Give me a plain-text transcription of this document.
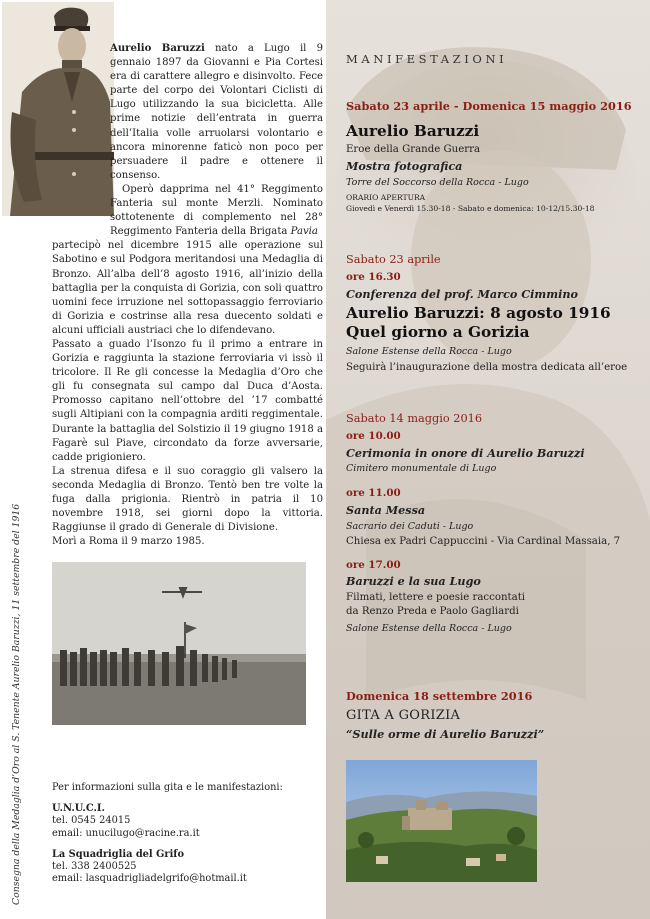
Aurelio Baruzzi nato a Lugo il 9 gennaio 1897 da Giovanni e Pia Cortesi era di carattere allegro e disinvolto. Fece parte del corpo dei Volontari Ciclisti di Lugo utilizzando la sua bicicletta. Alle prime notizie dell’entrata in guerra dell’Italia volle arruolarsi volontario e ancora minorenne faticò non poco per persuadere il padre e ottenere il consenso.

Operò dapprima nel 41° Reggimento Fanteria sul monte Merzli. Nominato sottotenente di complemento nel 28° Reggimento Fanteria della Brigata Pavia

partecipò nel dicembre 1915 alle operazione sul Sabotino e sul Podgora meritandosi una Medaglia di Bronzo. All’alba dell’8 agosto 1916, all’inizio della battaglia per la conquista di Gorizia, con soli quattro uomini fece irruzione nel sottopassaggio ferroviario di Gorizia e costrinse alla resa duecento soldati e alcuni ufficiali austriaci che lo difendevano.

Passato a guado l’Isonzo fu il primo a entrare in Gorizia e raggiunta la stazione ferroviaria vi issò il tricolore. Il Re gli concesse la Medaglia d’Oro che gli fu consegnata sul campo dal Duca d’Aosta. Promosso capitano nell’ottobre del ’17 combatté sugli Altipiani con la compagnia arditi reggimentale. Durante la battaglia del Solstizio il 19 giugno 1918 a Fagarè sul Piave, circondato da forze avversarie, cadde prigioniero.

La strenua difesa e il suo coraggio gli valsero la seconda Medaglia di Bronzo. Tentò ben tre volte la fuga dalla prigionia. Rientrò in patria il 10 novembre 1918, sei giorni dopo la vittoria. Raggiunse il grado di Generale di Divisione.

Morì a Roma il 9 marzo 1985.

Consegna della Medaglia d’Oro al S. Tenente Aurelio Baruzzi, 11 settembre del 1916	Per informazioni sulla gita e le manifestazioni:
U.N.U.C.I.
tel. 0545 24015
email: unucilugo@racine.ra.it
La Squadriglia del Grifo
tel. 338 2400525
email: lasquadrigliadelgrifo@hotmail.it
MANIFESTAZIONI
Sabato 23 aprile - Domenica 15 maggio 2016
Aurelio Baruzzi
Eroe della Grande Guerra
Mostra fotografica
Torre del Soccorso della Rocca - Lugo
ORARIO APERTURA
Giovedì e Venerdì 15.30-18 - Sabato e domenica: 10-12/15.30-18
Sabato 23 aprile
ore 16.30
Conferenza del prof. Marco Cimmino
Aurelio Baruzzi: 8 agosto 1916
Quel giorno a Gorizia
Salone Estense della Rocca - Lugo
Seguirà l’inaugurazione della mostra dedicata all’eroe
Sabato 14 maggio 2016
ore 10.00
Cerimonia in onore di Aurelio Baruzzi
Cimitero monumentale di Lugo
ore 11.00
Santa Messa
Sacrario dei Caduti - Lugo
Chiesa ex Padri Cappuccini - Via Cardinal Massaia, 7
ore 17.00
Baruzzi e la sua Lugo
Filmati, lettere e poesie raccontati
da Renzo Preda e Paolo Gagliardi
Salone Estense della Rocca - Lugo
Domenica 18 settembre 2016
GITA A GORIZIA
“Sulle orme di Aurelio Baruzzi”
